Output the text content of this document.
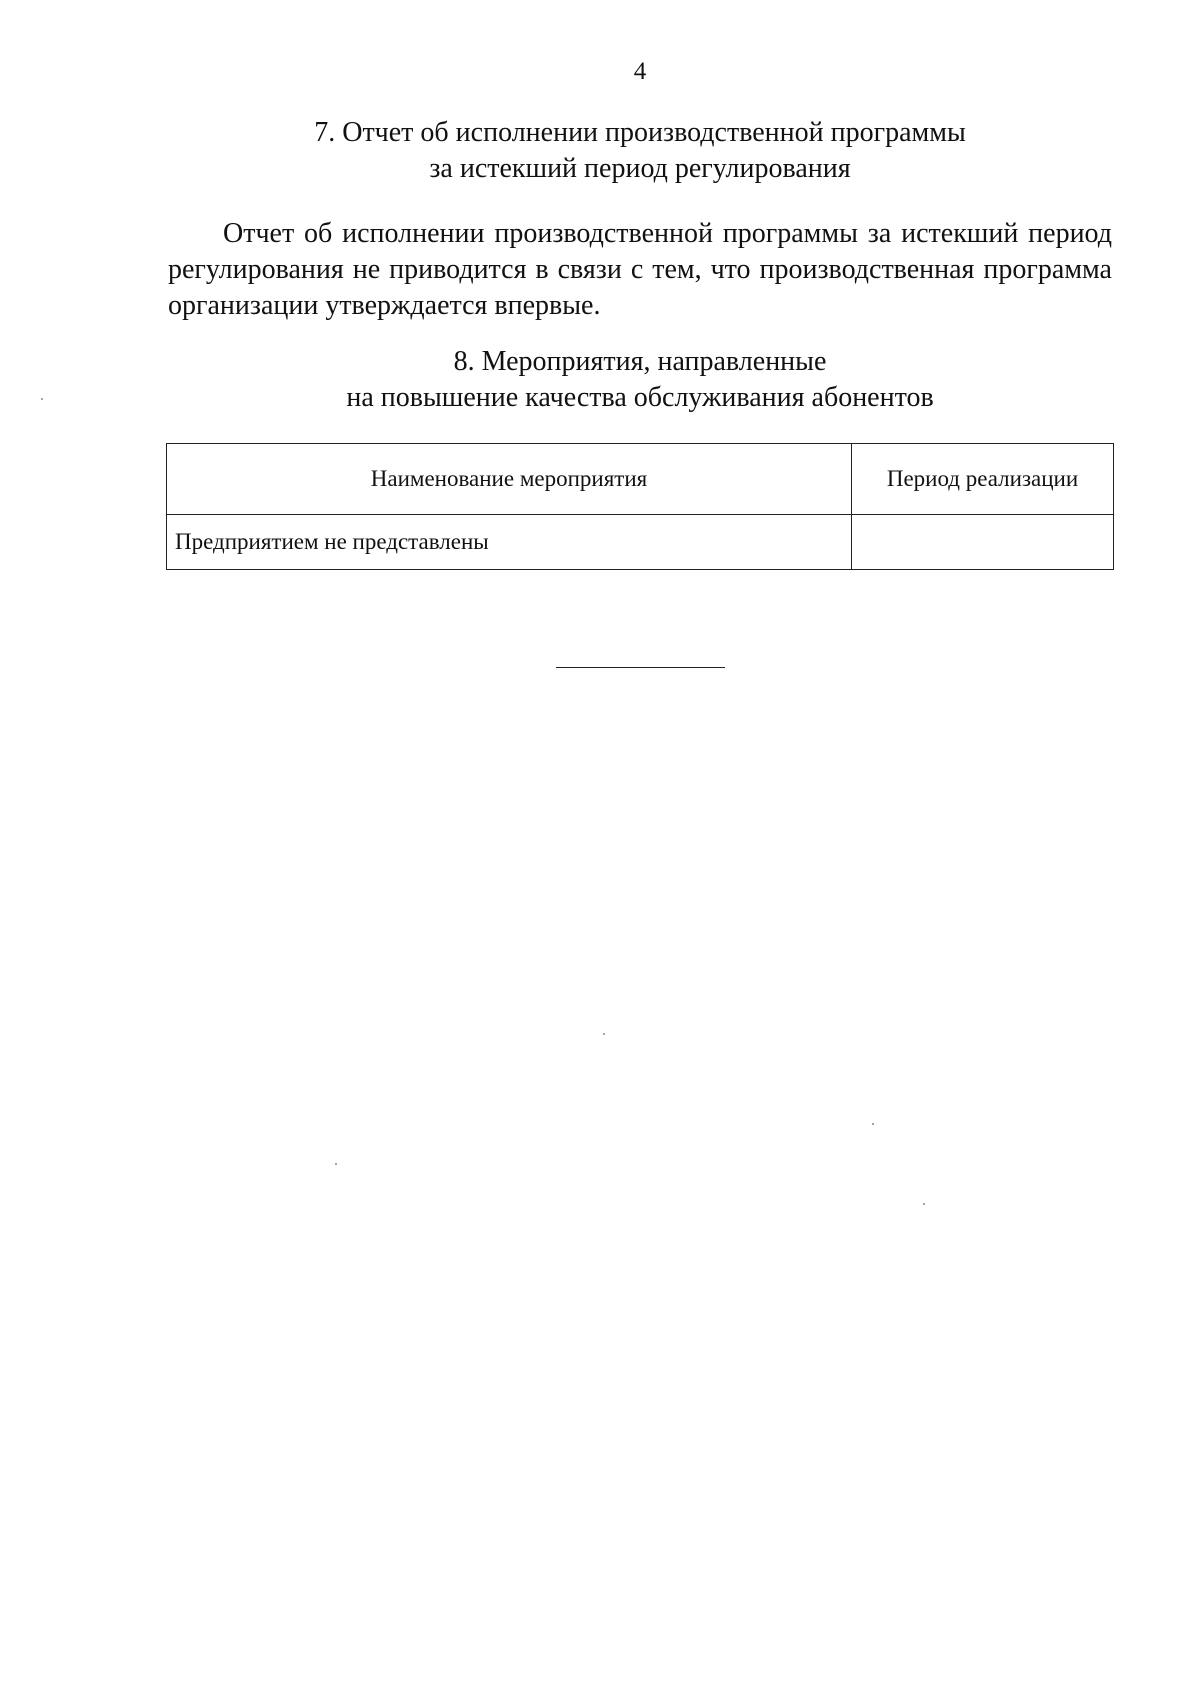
4
7. Отчет об исполнении производственной программы
за истекший период регулирования
Отчет об исполнении производственной программы за истекший период
регулирования не приводится в связи с тем, что производственная программа
организации утверждается впервые.
8. Мероприятия, направленные
на повышение качества обслуживания абонентов
Наименование мероприятия	Период реализации
Предприятием не представлены	
